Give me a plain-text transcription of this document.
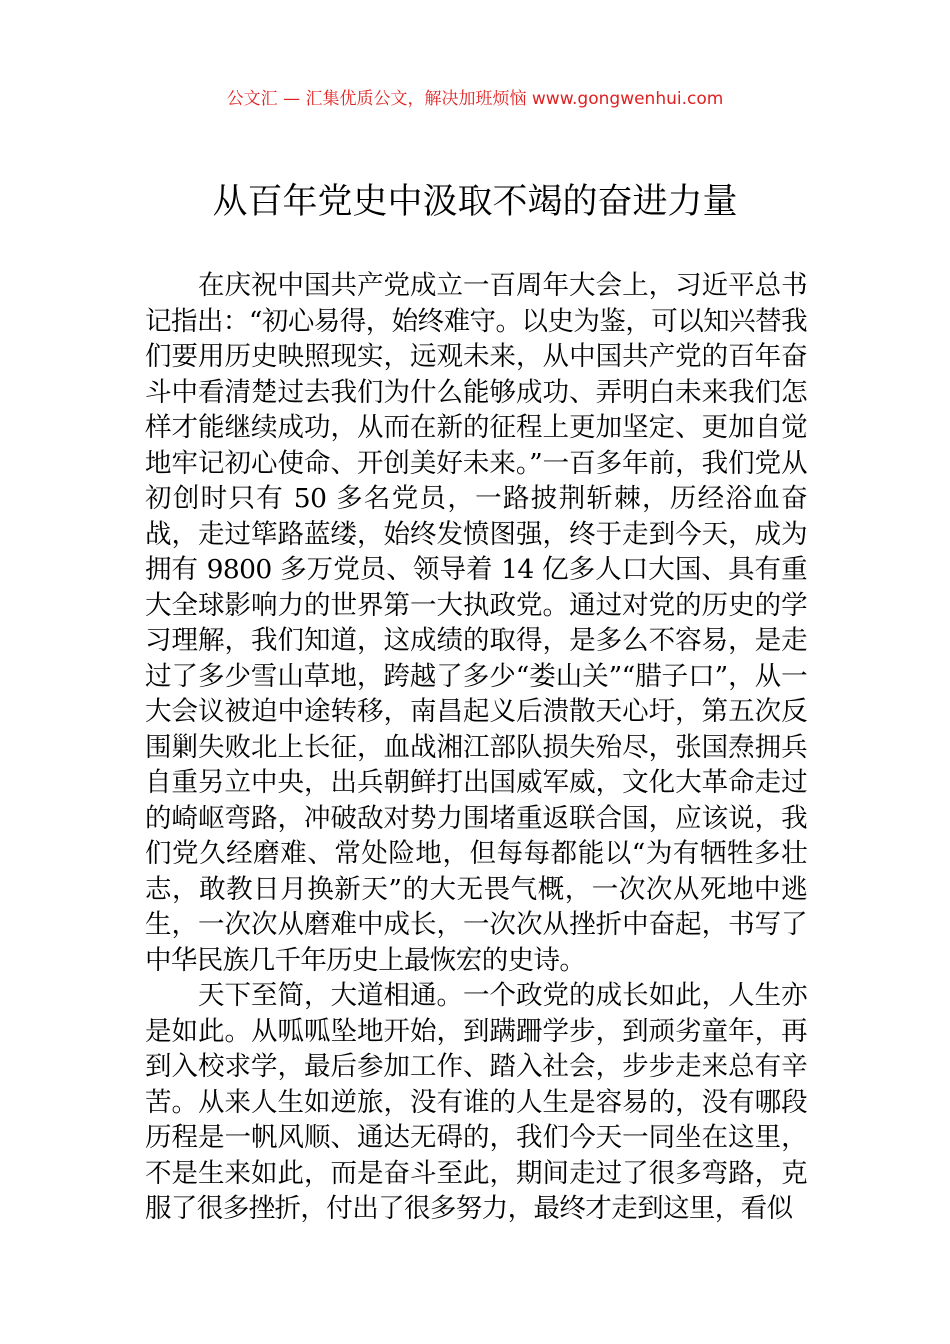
公文汇 — 汇集优质公文，解决加班烦恼 www.gongwenhui.com
从百年党史中汲取不竭的奋进力量

在庆祝中国共产党成立一百周年大会上，习近平总书记指出：“初心易得，始终难守。以史为鉴，可以知兴替我们要用历史映照现实，远观未来，从中国共产党的百年奋斗中看清楚过去我们为什么能够成功、弄明白未来我们怎样才能继续成功，从而在新的征程上更加坚定、更加自觉地牢记初心使命、开创美好未来。”一百多年前，我们党从初创时只有 50 多名党员，一路披荆斩棘，历经浴血奋战，走过筚路蓝缕，始终发愤图强，终于走到今天，成为拥有 9800 多万党员、领导着 14 亿多人口大国、具有重大全球影响力的世界第一大执政党。通过对党的历史的学习理解，我们知道，这成绩的取得，是多么不容易，是走过了多少雪山草地，跨越了多少“娄山关”“腊子口”，从一大会议被迫中途转移，南昌起义后溃散天心圩，第五次反围剿失败北上长征，血战湘江部队损失殆尽，张国焘拥兵自重另立中央，出兵朝鲜打出国威军威，文化大革命走过的崎岖弯路，冲破敌对势力围堵重返联合国，应该说，我们党久经磨难、常处险地，但每每都能以“为有牺牲多壮志，敢教日月换新天”的大无畏气概，一次次从死地中逃生，一次次从磨难中成长，一次次从挫折中奋起，书写了中华民族几千年历史上最恢宏的史诗。

天下至简，大道相通。一个政党的成长如此，人生亦是如此。从呱呱坠地开始，到蹒跚学步，到顽劣童年，再到入校求学，最后参加工作、踏入社会，步步走来总有辛苦。从来人生如逆旅，没有谁的人生是容易的，没有哪段历程是一帆风顺、通达无碍的，我们今天一同坐在这里，不是生来如此，而是奋斗至此，期间走过了很多弯路，克服了很多挫折，付出了很多努力，最终才走到这里，看似
